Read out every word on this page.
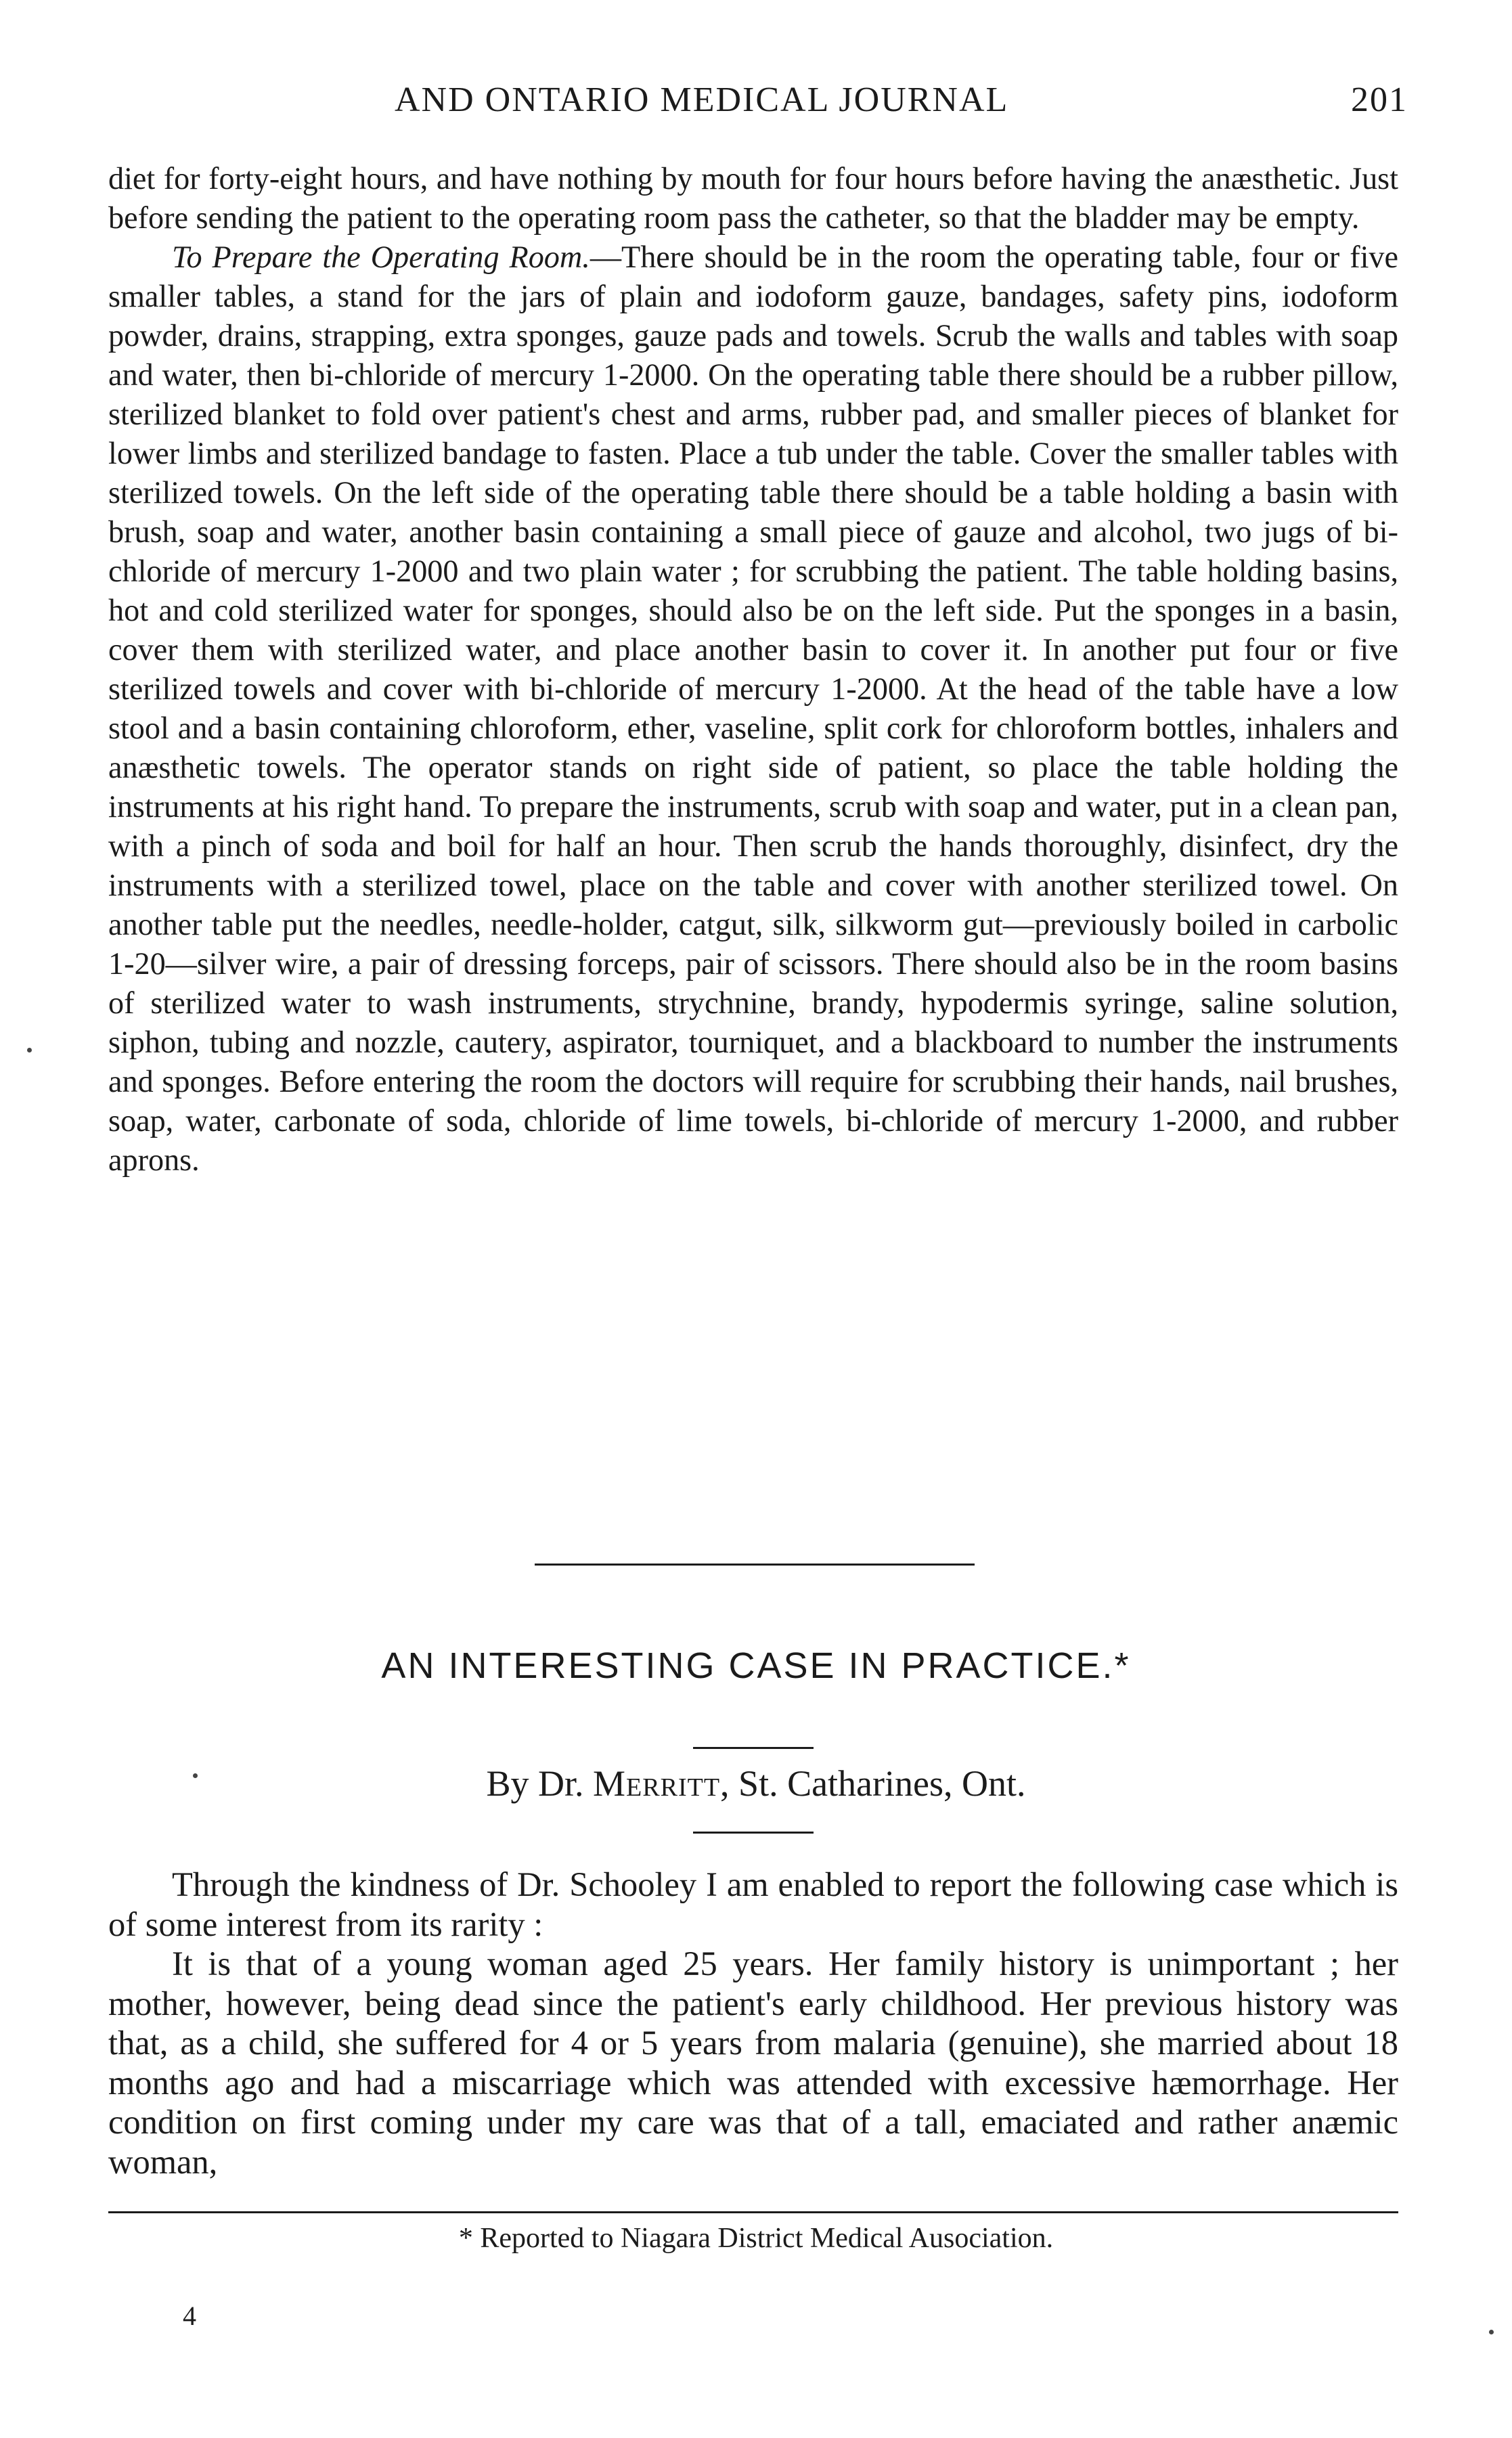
AND ONTARIO MEDICAL JOURNAL	201

diet for forty-eight hours, and have nothing by mouth for four hours before having the anæsthetic. Just before sending the patient to the operating room pass the catheter, so that the bladder may be empty.

To Prepare the Operating Room.—There should be in the room the operating table, four or five smaller tables, a stand for the jars of plain and iodoform gauze, bandages, safety pins, iodoform powder, drains, strapping, extra sponges, gauze pads and towels. Scrub the walls and tables with soap and water, then bi-chloride of mercury 1-2000. On the operating table there should be a rubber pillow, sterilized blanket to fold over patient's chest and arms, rubber pad, and smaller pieces of blanket for lower limbs and sterilized bandage to fasten. Place a tub under the table. Cover the smaller tables with sterilized towels. On the left side of the operating table there should be a table holding a basin with brush, soap and water, another basin containing a small piece of gauze and alcohol, two jugs of bi-chloride of mercury 1-2000 and two plain water ; for scrubbing the patient. The table holding basins, hot and cold sterilized water for sponges, should also be on the left side. Put the sponges in a basin, cover them with sterilized water, and place another basin to cover it. In another put four or five sterilized towels and cover with bi-chloride of mercury 1-2000. At the head of the table have a low stool and a basin containing chloroform, ether, vaseline, split cork for chloroform bottles, inhalers and anæsthetic towels. The operator stands on right side of patient, so place the table holding the instruments at his right hand. To prepare the instruments, scrub with soap and water, put in a clean pan, with a pinch of soda and boil for half an hour. Then scrub the hands thoroughly, disinfect, dry the instruments with a sterilized towel, place on the table and cover with another sterilized towel. On another table put the needles, needle-holder, catgut, silk, silkworm gut—previously boiled in carbolic 1-20—silver wire, a pair of dressing forceps, pair of scissors. There should also be in the room basins of sterilized water to wash instruments, strychnine, brandy, hypodermis syringe, saline solution, siphon, tubing and nozzle, cautery, aspirator, tourniquet, and a blackboard to number the instruments and sponges. Before entering the room the doctors will require for scrubbing their hands, nail brushes, soap, water, carbonate of soda, chloride of lime towels, bi-chloride of mercury 1-2000, and rubber aprons.

AN INTERESTING CASE IN PRACTICE.*
By Dr. Merritt, St. Catharines, Ont.

Through the kindness of Dr. Schooley I am enabled to report the following case which is of some interest from its rarity :

It is that of a young woman aged 25 years. Her family history is unimportant ; her mother, however, being dead since the patient's early childhood. Her previous history was that, as a child, she suffered for 4 or 5 years from malaria (genuine), she married about 18 months ago and had a miscarriage which was attended with excessive hæmorrhage. Her condition on first coming under my care was that of a tall, emaciated and rather anæmic woman,

* Reported to Niagara District Medical Ausociation.
4
